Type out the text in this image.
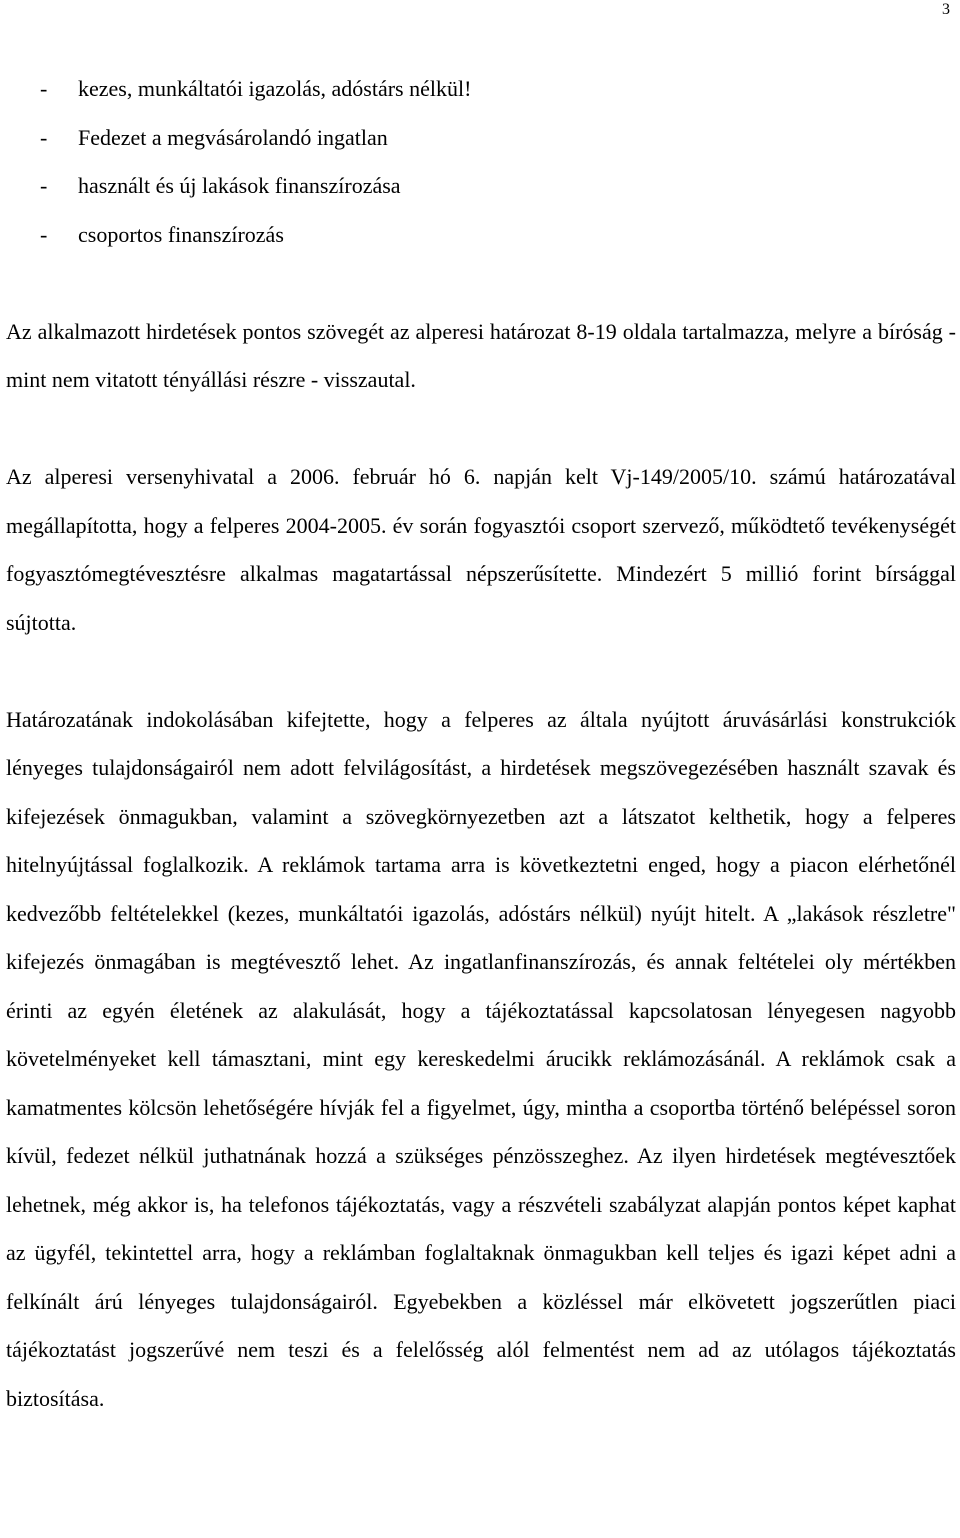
3
- kezes, munkáltatói igazolás, adóstárs nélkül!
- Fedezet a megvásárolandó ingatlan
- használt és új lakások finanszírozása
- csoportos finanszírozás

Az alkalmazott hirdetések pontos szövegét az alperesi határozat 8-19 oldala tartalmazza, melyre a bíróság - mint nem vitatott tényállási részre - visszautal.

Az alperesi versenyhivatal a 2006. február hó 6. napján kelt Vj-149/2005/10. számú határozatával megállapította, hogy a felperes 2004-2005. év során fogyasztói csoport szervező, működtető tevékenységét fogyasztómegtévesztésre alkalmas magatartással népszerűsítette. Mindezért 5 millió forint bírsággal sújtotta.

Határozatának indokolásában kifejtette, hogy a felperes az általa nyújtott áruvásárlási konstrukciók lényeges tulajdonságairól nem adott felvilágosítást, a hirdetések megszövegezésében használt szavak és kifejezések önmagukban, valamint a szövegkörnyezetben azt a látszatot kelthetik, hogy a felperes hitelnyújtással foglalkozik. A reklámok tartama arra is következtetni enged, hogy a piacon elérhetőnél kedvezőbb feltételekkel (kezes, munkáltatói igazolás, adóstárs nélkül) nyújt hitelt. A „lakások részletre" kifejezés önmagában is megtévesztő lehet. Az ingatlanfinanszírozás, és annak feltételei oly mértékben érinti az egyén életének az alakulását, hogy a tájékoztatással kapcsolatosan lényegesen nagyobb követelményeket kell támasztani, mint egy kereskedelmi árucikk reklámozásánál. A reklámok csak a kamatmentes kölcsön lehetőségére hívják fel a figyelmet, úgy, mintha a csoportba történő belépéssel soron kívül, fedezet nélkül juthatnának hozzá a szükséges pénzösszeghez. Az ilyen hirdetések megtévesztőek lehetnek, még akkor is, ha telefonos tájékoztatás, vagy a részvételi szabályzat alapján pontos képet kaphat az ügyfél, tekintettel arra, hogy a reklámban foglaltaknak önmagukban kell teljes és igazi képet adni a felkínált árú lényeges tulajdonságairól. Egyebekben a közléssel már elkövetett jogszerűtlen piaci tájékoztatást jogszerűvé nem teszi és a felelősség alól felmentést nem ad az utólagos tájékoztatás biztosítása.
